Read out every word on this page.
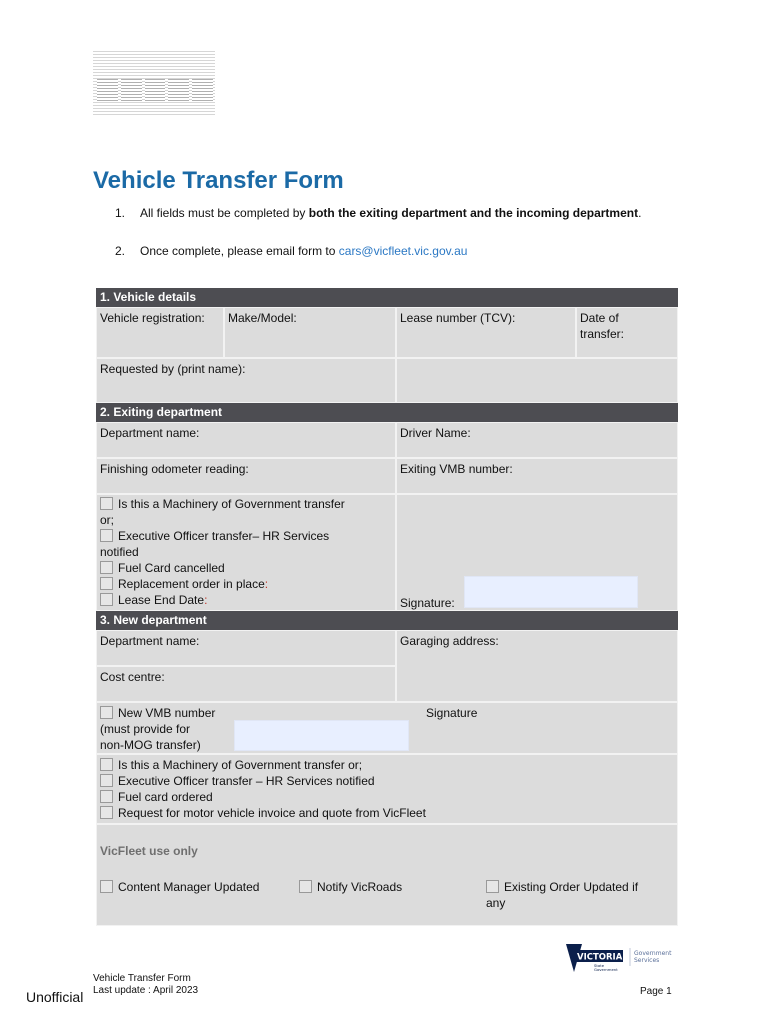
Vehicle Transfer Form
1. All fields must be completed by both the exiting department and the incoming department.
2. Once complete, please email form to cars@vicfleet.vic.gov.au
1. Vehicle details
Vehicle registration:	Make/Model:	Lease number (TCV):	Date of transfer:
Requested by (print name):
2. Exiting department
Department name:	Driver Name:
Finishing odometer reading:	Exiting VMB number:
Is this a Machinery of Government transfer
or;
Executive Officer transfer– HR Services
notified
Fuel Card cancelled
Replacement order in place:
Lease End Date:	Signature:
3. New department
Department name:	Garaging address:
Cost centre:
New VMB number
(must provide for
non-MOG transfer)
Signature
Is this a Machinery of Government transfer or;
Executive Officer transfer – HR Services notified
Fuel card ordered
Request for motor vehicle invoice and quote from VicFleet
VicFleet use only
Content Manager Updated	Notify VicRoads	Existing Order Updated if
any
VICTORIA
State
Government
Government
Services
Vehicle Transfer Form
Last update : April 2023	Page 1
Unofficial
